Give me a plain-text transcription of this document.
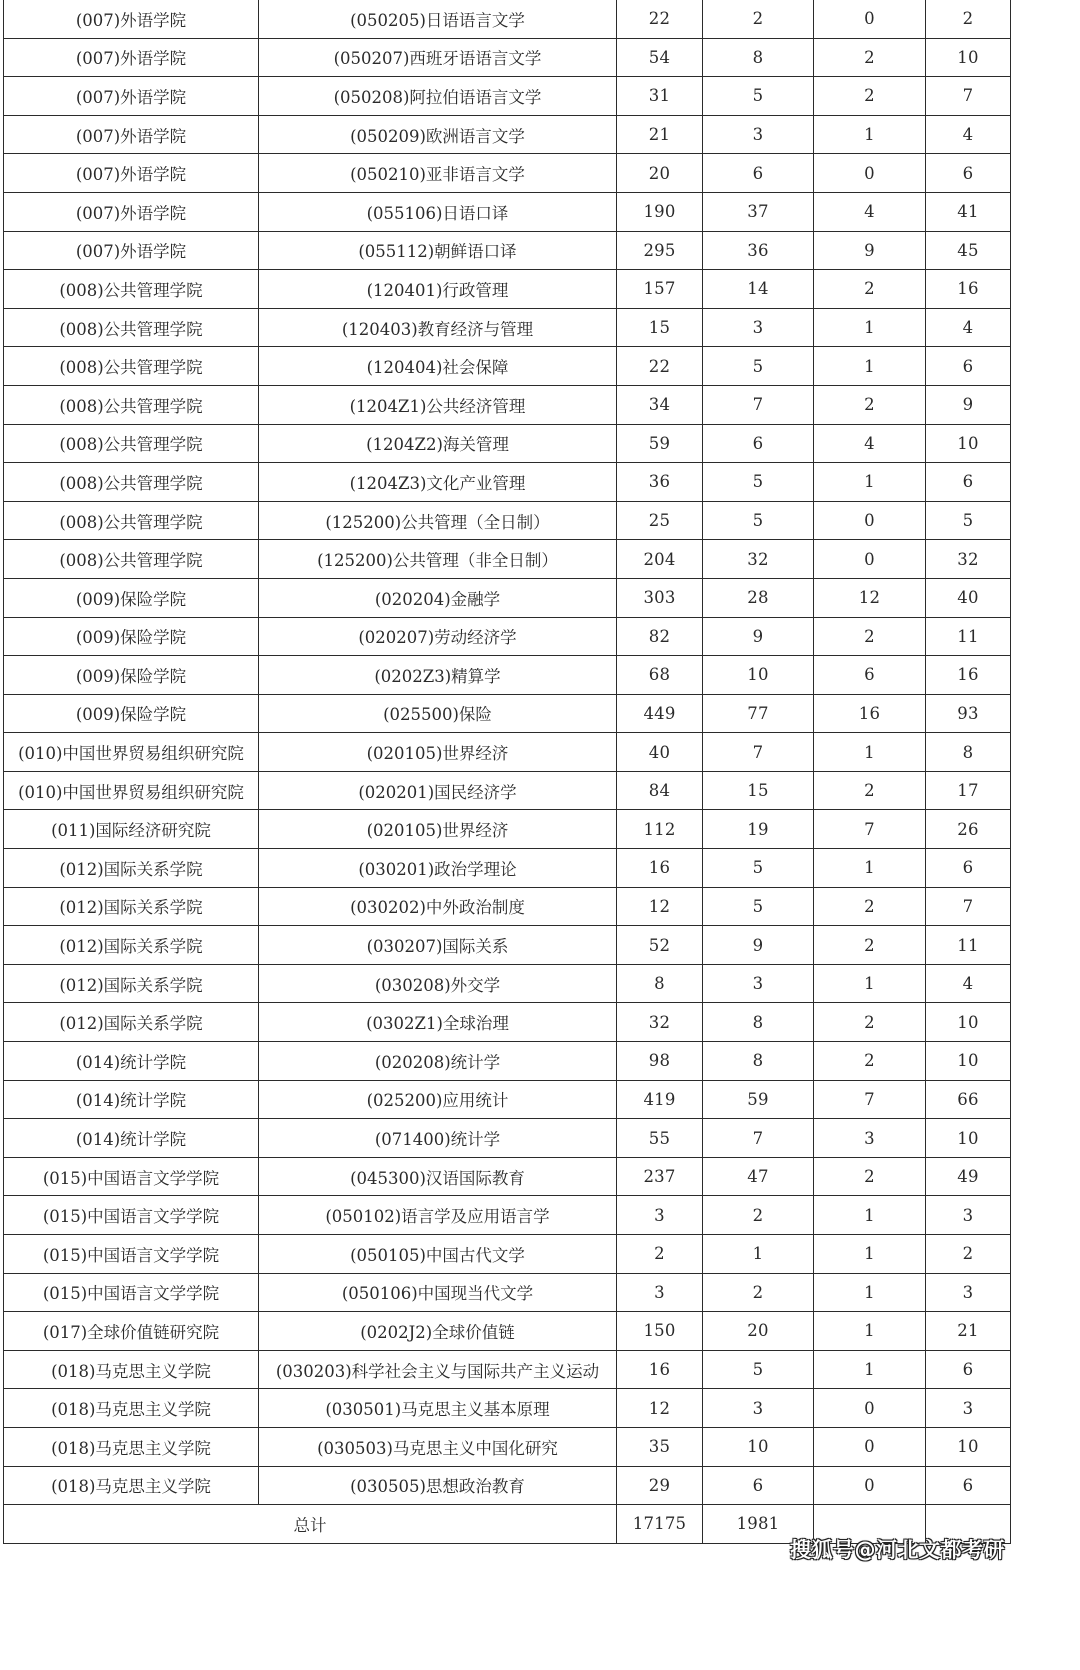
(007)外语学院	(050205)日语语言文学	22	2	0	2
(007)外语学院	(050207)西班牙语语言文学	54	8	2	10
(007)外语学院	(050208)阿拉伯语语言文学	31	5	2	7
(007)外语学院	(050209)欧洲语言文学	21	3	1	4
(007)外语学院	(050210)亚非语言文学	20	6	0	6
(007)外语学院	(055106)日语口译	190	37	4	41
(007)外语学院	(055112)朝鲜语口译	295	36	9	45
(008)公共管理学院	(120401)行政管理	157	14	2	16
(008)公共管理学院	(120403)教育经济与管理	15	3	1	4
(008)公共管理学院	(120404)社会保障	22	5	1	6
(008)公共管理学院	(1204Z1)公共经济管理	34	7	2	9
(008)公共管理学院	(1204Z2)海关管理	59	6	4	10
(008)公共管理学院	(1204Z3)文化产业管理	36	5	1	6
(008)公共管理学院	(125200)公共管理（全日制）	25	5	0	5
(008)公共管理学院	(125200)公共管理（非全日制）	204	32	0	32
(009)保险学院	(020204)金融学	303	28	12	40
(009)保险学院	(020207)劳动经济学	82	9	2	11
(009)保险学院	(0202Z3)精算学	68	10	6	16
(009)保险学院	(025500)保险	449	77	16	93
(010)中国世界贸易组织研究院	(020105)世界经济	40	7	1	8
(010)中国世界贸易组织研究院	(020201)国民经济学	84	15	2	17
(011)国际经济研究院	(020105)世界经济	112	19	7	26
(012)国际关系学院	(030201)政治学理论	16	5	1	6
(012)国际关系学院	(030202)中外政治制度	12	5	2	7
(012)国际关系学院	(030207)国际关系	52	9	2	11
(012)国际关系学院	(030208)外交学	8	3	1	4
(012)国际关系学院	(0302Z1)全球治理	32	8	2	10
(014)统计学院	(020208)统计学	98	8	2	10
(014)统计学院	(025200)应用统计	419	59	7	66
(014)统计学院	(071400)统计学	55	7	3	10
(015)中国语言文学学院	(045300)汉语国际教育	237	47	2	49
(015)中国语言文学学院	(050102)语言学及应用语言学	3	2	1	3
(015)中国语言文学学院	(050105)中国古代文学	2	1	1	2
(015)中国语言文学学院	(050106)中国现当代文学	3	2	1	3
(017)全球价值链研究院	(0202J2)全球价值链	150	20	1	21
(018)马克思主义学院	(030203)科学社会主义与国际共产主义运动	16	5	1	6
(018)马克思主义学院	(030501)马克思主义基本原理	12	3	0	3
(018)马克思主义学院	(030503)马克思主义中国化研究	35	10	0	10
(018)马克思主义学院	(030505)思想政治教育	29	6	0	6
总计		17175	1981		
搜狐号@河北文都考研
